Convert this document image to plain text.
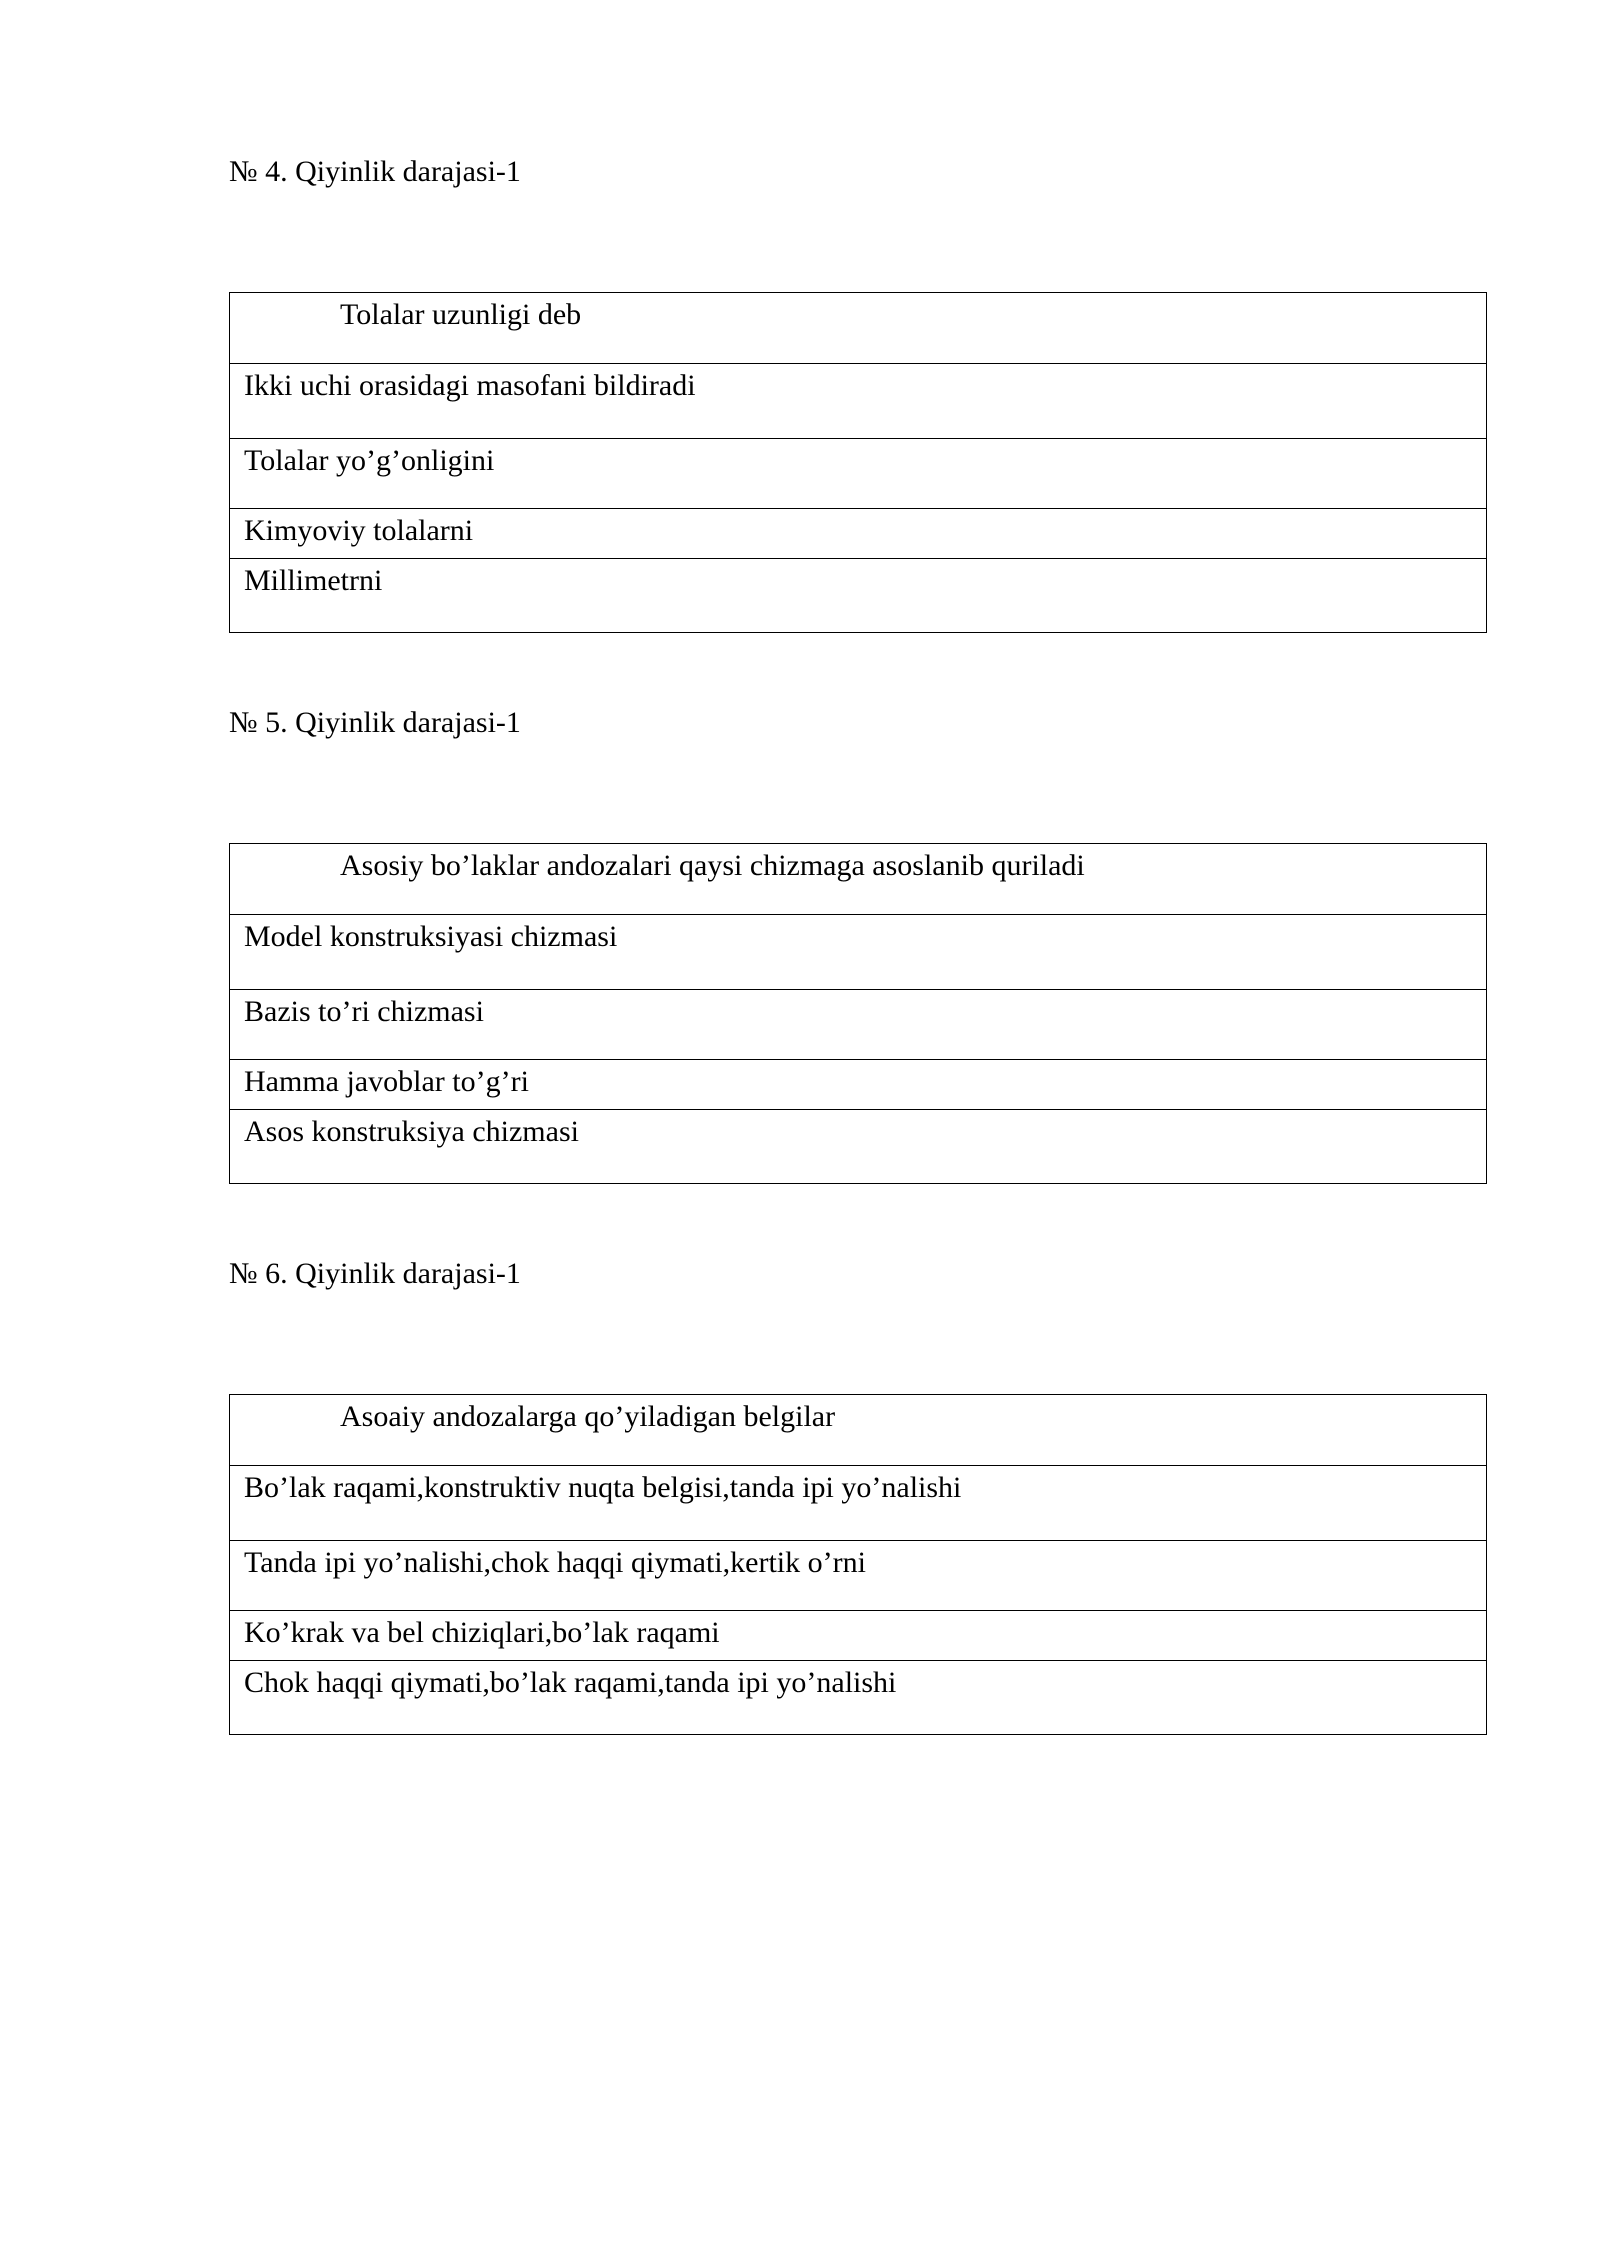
№ 4. Qiyinlik darajasi-1
Tolalar uzunligi deb
Ikki uchi orasidagi masofani bildiradi
Tolalar yo’g’onligini
Kimyoviy tolalarni
Millimetrni
№ 5. Qiyinlik darajasi-1
Asosiy bo’laklar andozalari qaysi chizmaga asoslanib quriladi
Model konstruksiyasi chizmasi
Bazis to’ri chizmasi
Hamma javoblar to’g’ri
Asos konstruksiya chizmasi
№ 6. Qiyinlik darajasi-1
Asoaiy andozalarga qo’yiladigan belgilar
Bo’lak raqami,konstruktiv nuqta belgisi,tanda ipi yo’nalishi
Tanda ipi yo’nalishi,chok haqqi qiymati,kertik o’rni
Ko’krak va bel chiziqlari,bo’lak raqami
Chok haqqi qiymati,bo’lak raqami,tanda ipi yo’nalishi
